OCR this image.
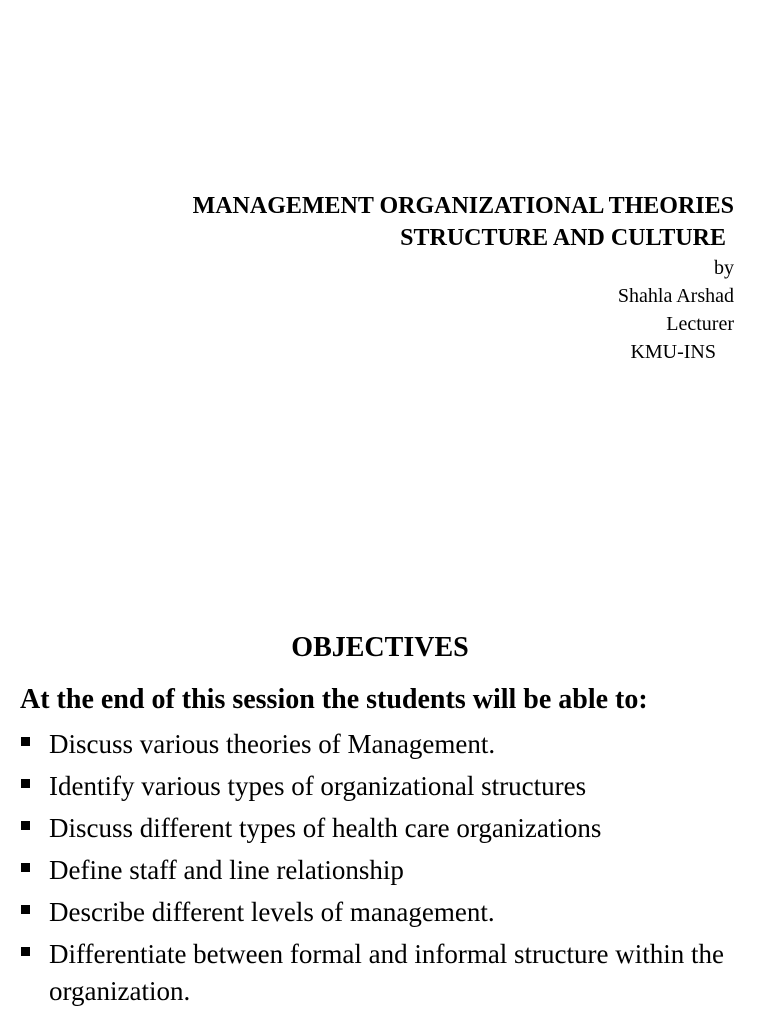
MANAGEMENT ORGANIZATIONAL THEORIES
STRUCTURE AND CULTURE
by
Shahla Arshad
Lecturer
KMU-INS
OBJECTIVES
At the end of this session the students will be able to:
Discuss various theories of Management.
Identify various types of organizational structures
Discuss different types of health care organizations
Define staff and line relationship
Describe different levels of management.
Differentiate between formal and informal structure within the organization.
